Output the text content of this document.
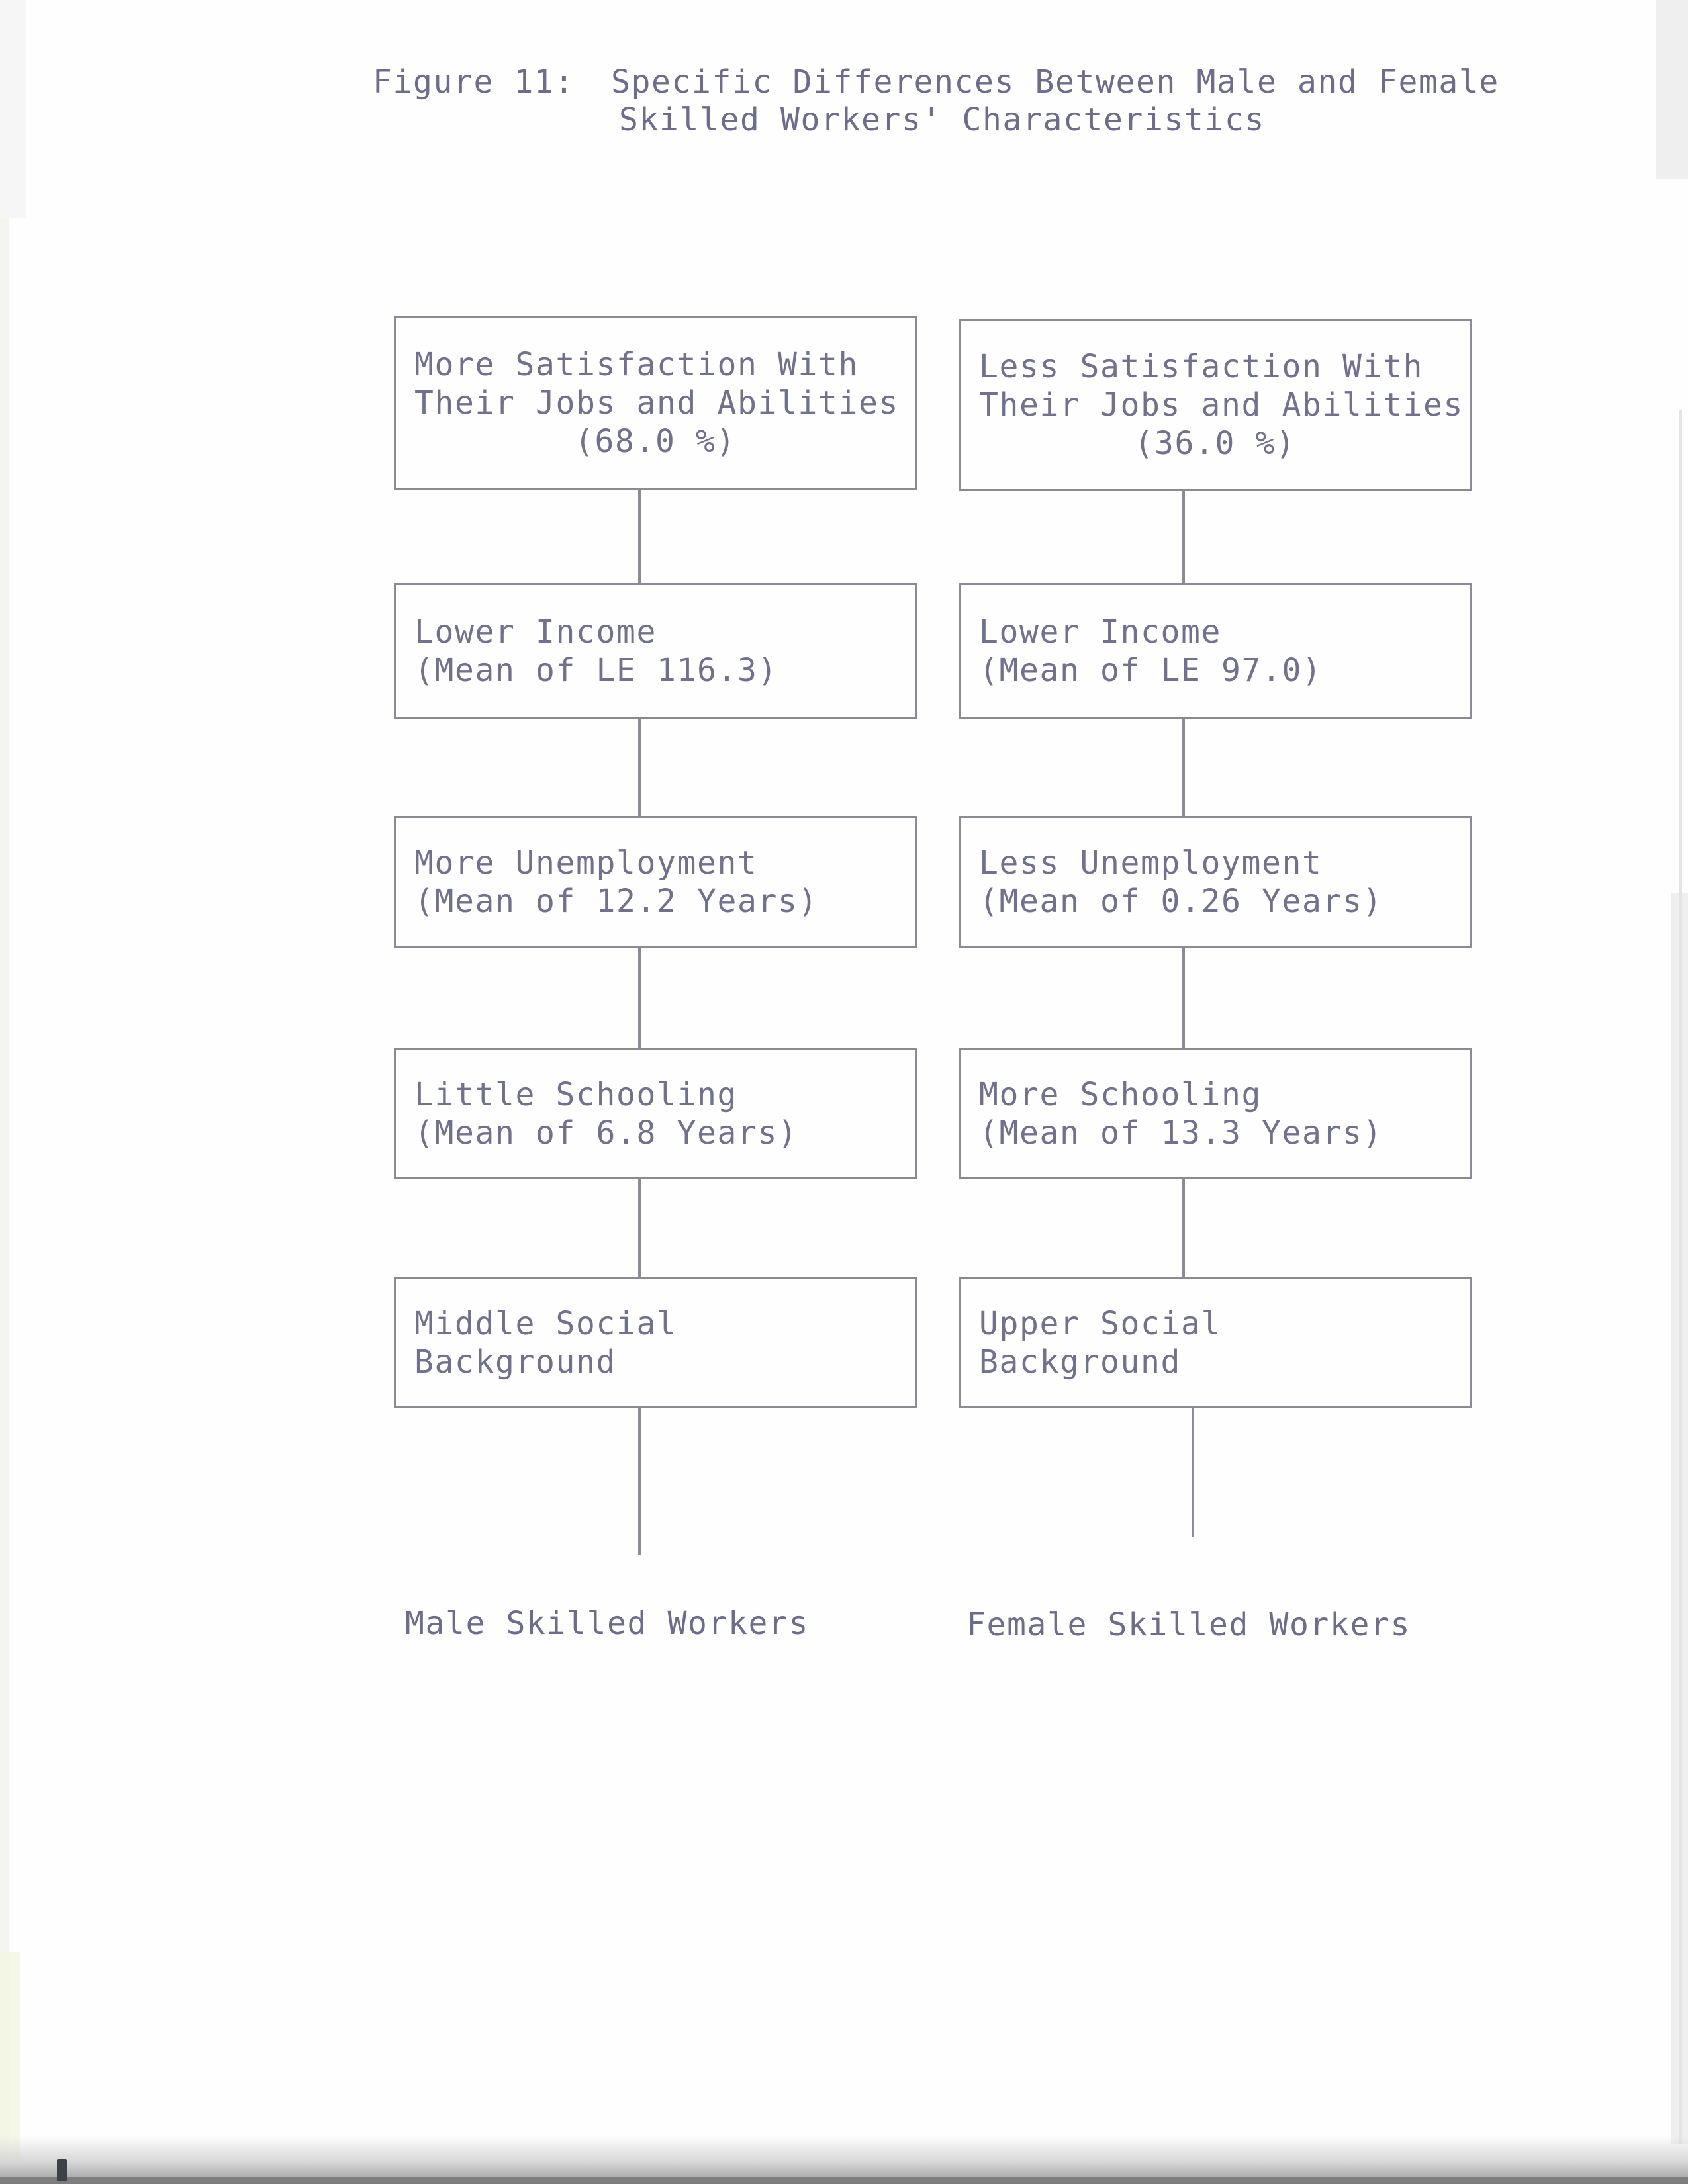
Figure 11: Specific Differences Between Male and Female
Skilled Workers' Characteristics
More Satisfaction With
Their Jobs and Abilities
(68.0 %)
Lower Income
(Mean of LE 116.3)
More Unemployment
(Mean of 12.2 Years)
Little Schooling
(Mean of 6.8 Years)
Middle Social
Background
Male Skilled Workers
Less Satisfaction With
Their Jobs and Abilities
(36.0 %)
Lower Income
(Mean of LE 97.0)
Less Unemployment
(Mean of 0.26 Years)
More Schooling
(Mean of 13.3 Years)
Upper Social
Background
Female Skilled Workers
